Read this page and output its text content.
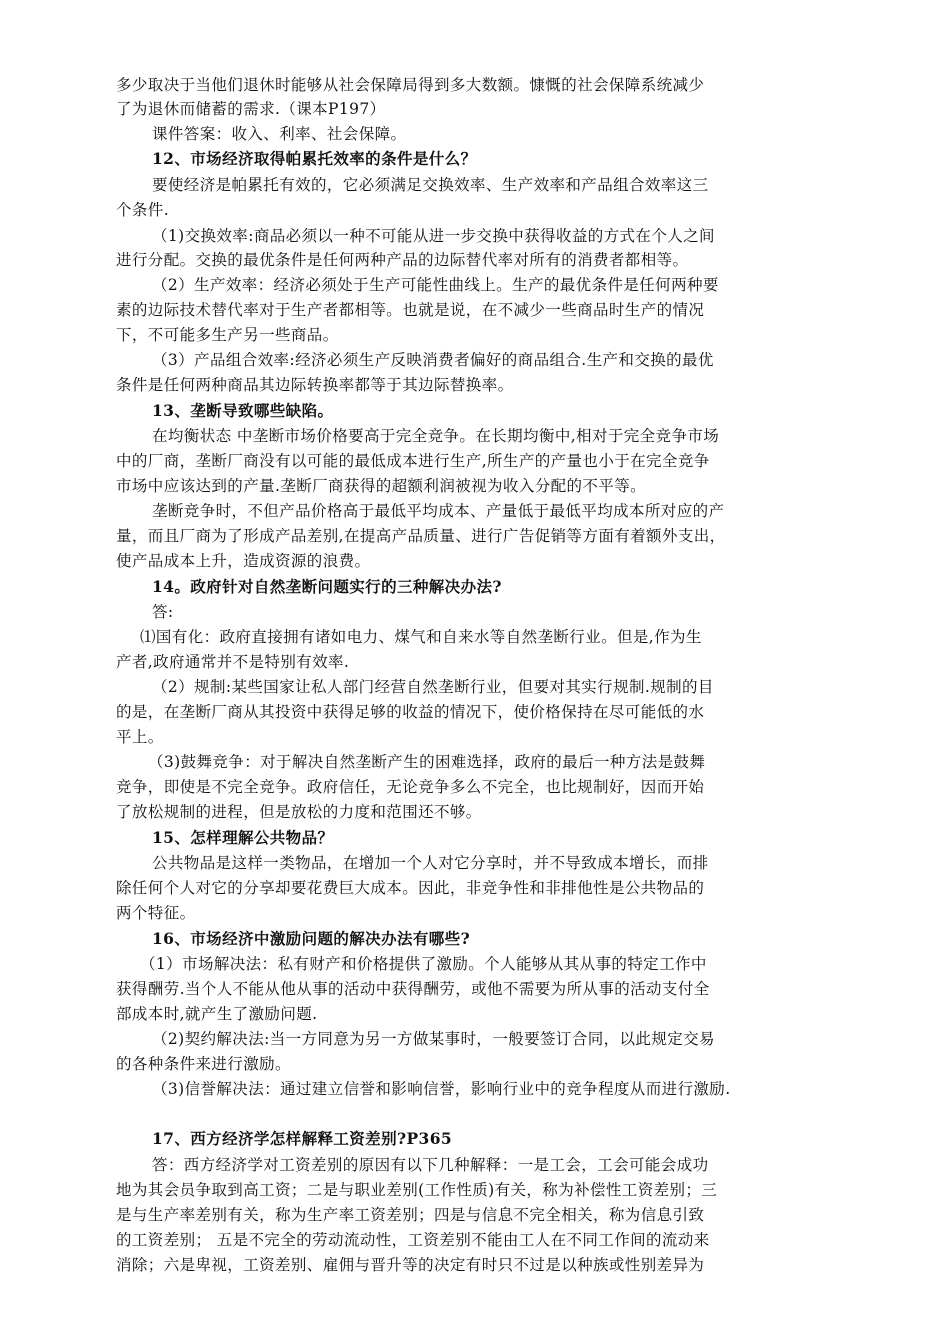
多少取决于当他们退休时能够从社会保障局得到多大数额。慷慨的社会保障系统减少
了为退休而储蓄的需求.（课本P197）
课件答案：收入、利率、社会保障。
12、市场经济取得帕累托效率的条件是什么？
要使经济是帕累托有效的，它必须满足交换效率、生产效率和产品组合效率这三
个条件.
（1)交换效率:商品必须以一种不可能从进一步交换中获得收益的方式在个人之间
进行分配。交换的最优条件是任何两种产品的边际替代率对所有的消费者都相等。
（2）生产效率：经济必须处于生产可能性曲线上。生产的最优条件是任何两种要
素的边际技术替代率对于生产者都相等。也就是说，在不减少一些商品时生产的情况
下，不可能多生产另一些商品。
（3）产品组合效率:经济必须生产反映消费者偏好的商品组合.生产和交换的最优
条件是任何两种商品其边际转换率都等于其边际替换率。
13、垄断导致哪些缺陷。
在均衡状态 中垄断市场价格要高于完全竞争。在长期均衡中,相对于完全竞争市场
中的厂商，垄断厂商没有以可能的最低成本进行生产,所生产的产量也小于在完全竞争
市场中应该达到的产量.垄断厂商获得的超额利润被视为收入分配的不平等。
垄断竞争时，不但产品价格高于最低平均成本、产量低于最低平均成本所对应的产
量，而且厂商为了形成产品差别,在提高产品质量、进行广告促销等方面有着额外支出，
使产品成本上升，造成资源的浪费。
14。政府针对自然垄断问题实行的三种解决办法?
答:
⑴国有化：政府直接拥有诸如电力、煤气和自来水等自然垄断行业。但是,作为生
产者,政府通常并不是特别有效率.
（2）规制:某些国家让私人部门经营自然垄断行业，但要对其实行规制.规制的目
的是，在垄断厂商从其投资中获得足够的收益的情况下，使价格保持在尽可能低的水
平上。
（3)鼓舞竞争：对于解决自然垄断产生的困难选择，政府的最后一种方法是鼓舞
竞争，即使是不完全竞争。政府信任，无论竞争多么不完全，也比规制好，因而开始
了放松规制的进程，但是放松的力度和范围还不够。
15、怎样理解公共物品？
公共物品是这样一类物品，在增加一个人对它分享时，并不导致成本增长，而排
除任何个人对它的分享却要花费巨大成本。因此，非竞争性和非排他性是公共物品的
两个特征。
16、市场经济中激励问题的解决办法有哪些?
（1）市场解决法：私有财产和价格提供了激励。个人能够从其从事的特定工作中
获得酬劳.当个人不能从他从事的活动中获得酬劳，或他不需要为所从事的活动支付全
部成本时,就产生了激励问题.
（2)契约解决法:当一方同意为另一方做某事时，一般要签订合同，以此规定交易
的各种条件来进行激励。
（3)信誉解决法：通过建立信誉和影响信誉，影响行业中的竞争程度从而进行激励.
17、西方经济学怎样解释工资差别?P365
答：西方经济学对工资差别的原因有以下几种解释：一是工会，工会可能会成功
地为其会员争取到高工资；二是与职业差别(工作性质)有关，称为补偿性工资差别；三
是与生产率差别有关，称为生产率工资差别；四是与信息不完全相关，称为信息引致
的工资差别； 五是不完全的劳动流动性，工资差别不能由工人在不同工作间的流动来
消除；六是卑视，工资差别、雇佣与晋升等的决定有时只不过是以种族或性别差异为
